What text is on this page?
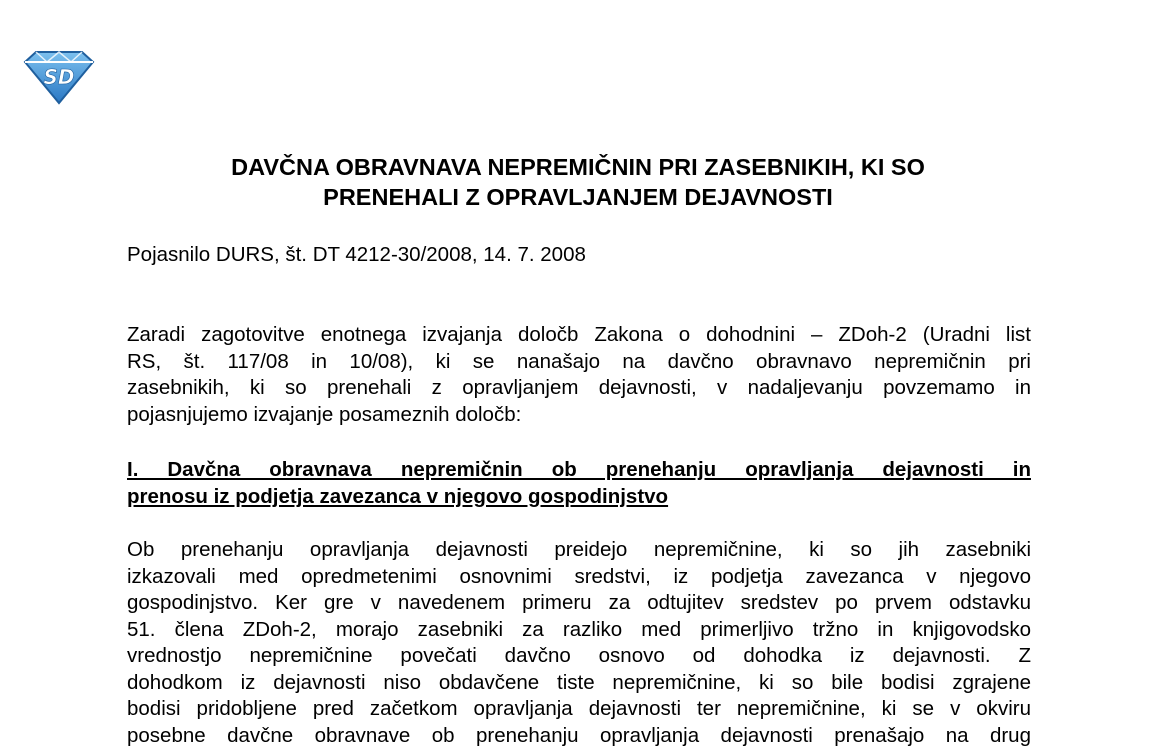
SD
DAVČNA OBRAVNAVA NEPREMIČNIN PRI ZASEBNIKIH, KI SO
PRENEHALI Z OPRAVLJANJEM DEJAVNOSTI
Pojasnilo DURS, št. DT 4212-30/2008, 14. 7. 2008
Zaradi zagotovitve enotnega izvajanja določb Zakona o dohodnini – ZDoh-2 (Uradni list
RS, št. 117/08 in 10/08), ki se nanašajo na davčno obravnavo nepremičnin pri
zasebnikih, ki so prenehali z opravljanjem dejavnosti, v nadaljevanju povzemamo in
pojasnjujemo izvajanje posameznih določb:
I. Davčna obravnava nepremičnin ob prenehanju opravljanja dejavnosti in
prenosu iz podjetja zavezanca v njegovo gospodinjstvo
Ob prenehanju opravljanja dejavnosti preidejo nepremičnine, ki so jih zasebniki
izkazovali med opredmetenimi osnovnimi sredstvi, iz podjetja zavezanca v njegovo
gospodinjstvo. Ker gre v navedenem primeru za odtujitev sredstev po prvem odstavku
51. člena ZDoh-2, morajo zasebniki za razliko med primerljivo tržno in knjigovodsko
vrednostjo nepremičnine povečati davčno osnovo od dohodka iz dejavnosti. Z
dohodkom iz dejavnosti niso obdavčene tiste nepremičnine, ki so bile bodisi zgrajene
bodisi pridobljene pred začetkom opravljanja dejavnosti ter nepremičnine, ki se v okviru
posebne davčne obravnave ob prenehanju opravljanja dejavnosti prenašajo na drug
